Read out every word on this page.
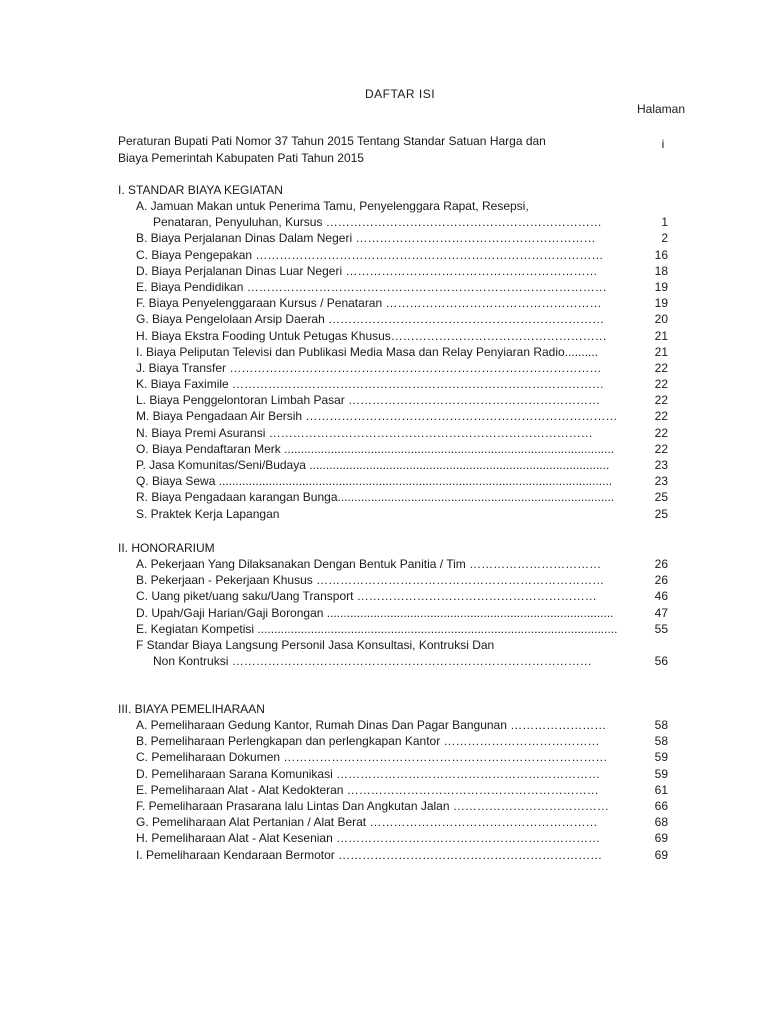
DAFTAR ISI
Halaman
Peraturan Bupati Pati Nomor 37 Tahun 2015 Tentang Standar Satuan Harga dan
Biaya Pemerintah Kabupaten Pati Tahun 2015
i
I. STANDAR BIAYA KEGIATAN
A. Jamuan Makan untuk Penerima Tamu, Penyelenggara Rapat, Resepsi,
Penataran, Penyuluhan, Kursus ……………………………………………………………	1
B. Biaya Perjalanan Dinas Dalam Negeri ……………………………………………………	2
C. Biaya Pengepakan ……………………………………………………………………………	16
D. Biaya Perjalanan Dinas Luar Negeri ………………………………………………………	18
E. Biaya Pendidikan ………………………………………………………………………………	19
F. Biaya Penyelenggaraan Kursus / Penataran ………………………………………………	19
G. Biaya Pengelolaan Arsip Daerah ……………………………………………………………	20
H. Biaya Ekstra Fooding Untuk Petugas Khusus………………………………………………	21
I. Biaya Peliputan Televisi dan Publikasi Media Masa dan Relay Penyiaran Radio..........	21
J. Biaya Transfer …………………………………………………………………………………	22
K. Biaya Faximile …………………………………………………………………………………	22
L. Biaya Penggelontoran Limbah Pasar ………………………………………………………	22
M. Biaya Pengadaan Air Bersih ……………………………………………………………………	22
N. Biaya Premi Asuransi ………………………………………………………………………	22
O. Biaya Pendaftaran Merk ...................................................................................................	22
P. Jasa Komunitas/Seni/Budaya ..........................................................................................	23
Q. Biaya Sewa ......................................................................................................................	23
R. Biaya Pengadaan karangan Bunga...................................................................................	25
S. Praktek Kerja Lapangan	25
II. HONORARIUM
A. Pekerjaan Yang Dilaksanakan Dengan Bentuk Panitia / Tim ……………………………	26
B. Pekerjaan - Pekerjaan Khusus ………………………………………………………………	26
C. Uang piket/uang saku/Uang Transport ……………………………………………………	46
D. Upah/Gaji Harian/Gaji Borongan ......................................................................................	47
E. Kegiatan Kompetisi ............................................................................................................	55
F Standar Biaya Langsung Personil Jasa Konsultasi, Kontruksi Dan
Non Kontruksi ………………………………………………………………………………	56
III. BIAYA PEMELIHARAAN
A. Pemeliharaan Gedung Kantor, Rumah Dinas Dan Pagar Bangunan ……………………	58
B. Pemeliharaan Perlengkapan dan perlengkapan Kantor …………………………………	58
C. Pemeliharaan Dokumen ………………………………………………………………………	59
D. Pemeliharaan Sarana Komunikasi …………………………………………………………	59
E. Pemeliharaan Alat - Alat Kedokteran ………………………………………………………	61
F. Pemeliharaan Prasarana lalu Lintas Dan Angkutan Jalan …………………………………	66
G. Pemeliharaan Alat Pertanian / Alat Berat …………………………………………………	68
H. Pemeliharaan Alat - Alat Kesenian …………………………………………………………	69
I. Pemeliharaan Kendaraan Bermotor …………………………………………………………	69
